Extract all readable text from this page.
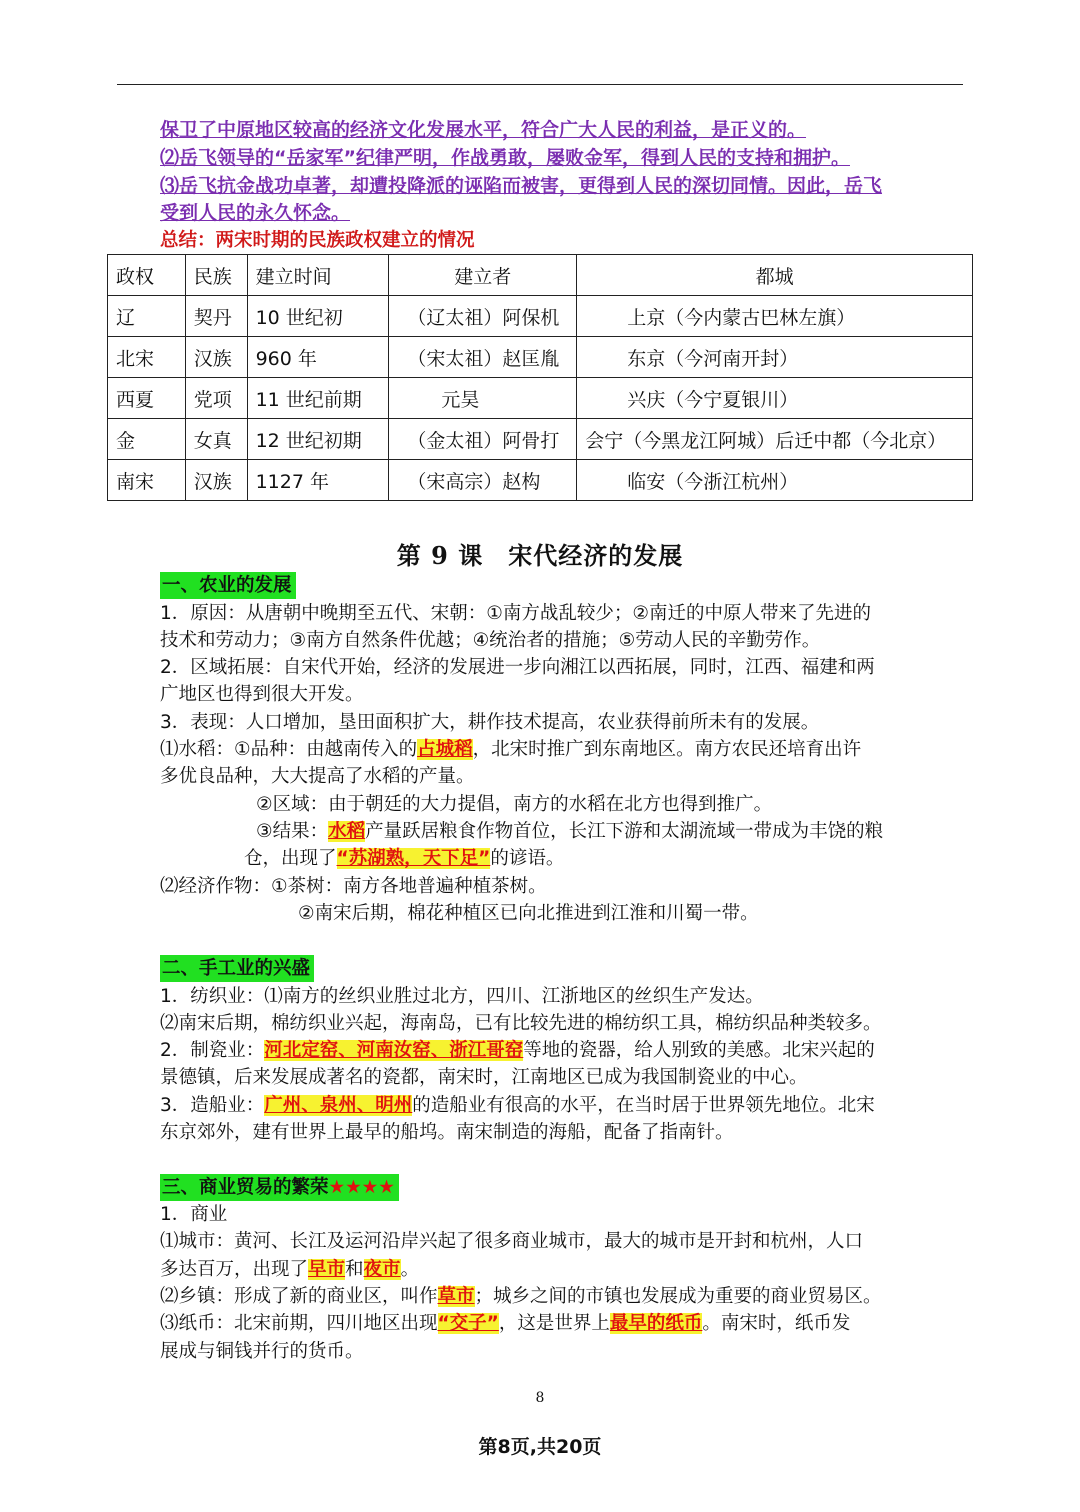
保卫了中原地区较高的经济文化发展水平，符合广大人民的利益，是正义的。
⑵岳飞领导的“岳家军”纪律严明，作战勇敢，屡败金军，得到人民的支持和拥护。
⑶岳飞抗金战功卓著，却遭投降派的诬陷而被害，更得到人民的深切同情。因此，岳飞
受到人民的永久怀念。
总结：两宋时期的民族政权建立的情况
政权	民族	建立时间	建立者	都城
辽	契丹	10 世纪初	（辽太祖）阿保机	上京（今内蒙古巴林左旗）
北宋	汉族	960 年	（宋太祖）赵匡胤	东京（今河南开封）
西夏	党项	11 世纪前期	元昊	兴庆（今宁夏银川）
金	女真	12 世纪初期	（金太祖）阿骨打	会宁（今黑龙江阿城）后迁中都（今北京）
南宋	汉族	1127 年	（宋高宗）赵构	临安（今浙江杭州）
第 9 课　宋代经济的发展
一、农业的发展
1．原因：从唐朝中晚期至五代、宋朝：①南方战乱较少；②南迁的中原人带来了先进的
技术和劳动力；③南方自然条件优越；④统治者的措施；⑤劳动人民的辛勤劳作。
2．区域拓展：自宋代开始，经济的发展进一步向湘江以西拓展，同时，江西、福建和两
广地区也得到很大开发。
3．表现：人口增加，垦田面积扩大，耕作技术提高，农业获得前所未有的发展。
⑴水稻：①品种：由越南传入的占城稻，北宋时推广到东南地区。南方农民还培育出许
多优良品种，大大提高了水稻的产量。
②区域：由于朝廷的大力提倡，南方的水稻在北方也得到推广。
③结果：水稻产量跃居粮食作物首位，长江下游和太湖流域一带成为丰饶的粮
仓，出现了“苏湖熟，天下足”的谚语。
⑵经济作物：①茶树：南方各地普遍种植茶树。
②南宋后期，棉花种植区已向北推进到江淮和川蜀一带。
二、手工业的兴盛
1．纺织业：⑴南方的丝织业胜过北方，四川、江浙地区的丝织生产发达。
⑵南宋后期，棉纺织业兴起，海南岛，已有比较先进的棉纺织工具，棉纺织品种类较多。
2．制瓷业：河北定窑、河南汝窑、浙江哥窑等地的瓷器，给人别致的美感。北宋兴起的
景德镇，后来发展成著名的瓷都，南宋时，江南地区已成为我国制瓷业的中心。
3．造船业：广州、泉州、明州的造船业有很高的水平，在当时居于世界领先地位。北宋
东京郊外，建有世界上最早的船坞。南宋制造的海船，配备了指南针。
三、商业贸易的繁荣★★★★
1．商业
⑴城市：黄河、长江及运河沿岸兴起了很多商业城市，最大的城市是开封和杭州，人口
多达百万，出现了早市和夜市。
⑵乡镇：形成了新的商业区，叫作草市；城乡之间的市镇也发展成为重要的商业贸易区。
⑶纸币：北宋前期，四川地区出现“交子”，这是世界上最早的纸币。南宋时，纸币发
展成与铜钱并行的货币。
8
第8页,共20页
